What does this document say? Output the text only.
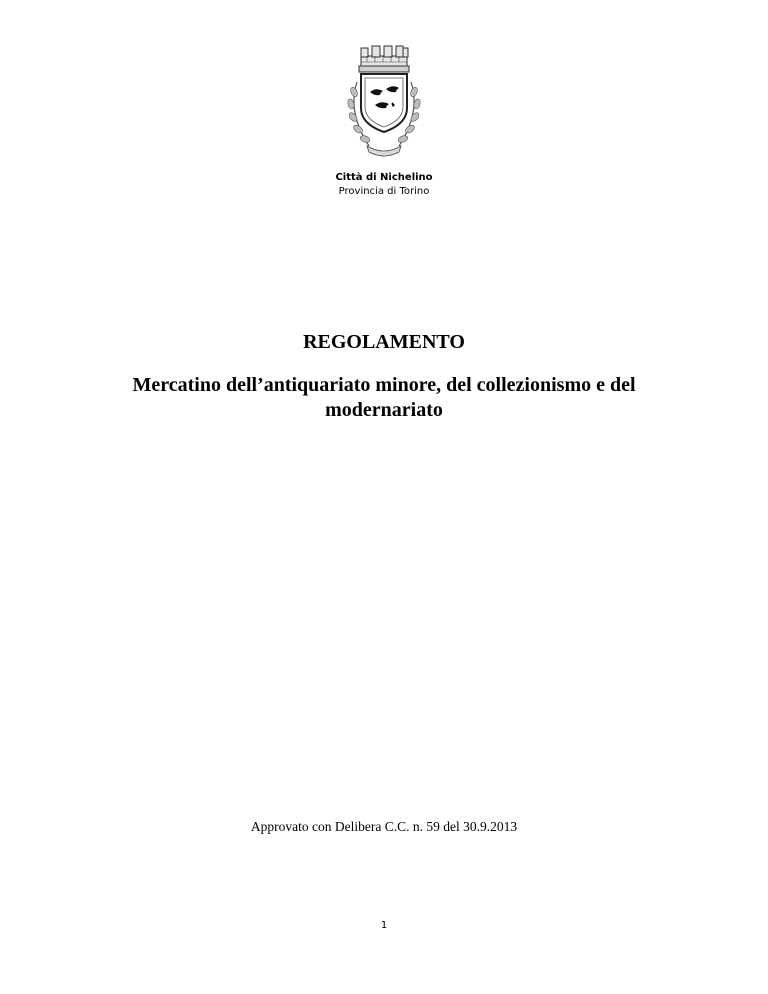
Città di Nichelino
Provincia di Torino
REGOLAMENTO
Mercatino dell’antiquariato minore, del collezionismo e del modernariato
Approvato con Delibera C.C. n. 59 del 30.9.2013
1
